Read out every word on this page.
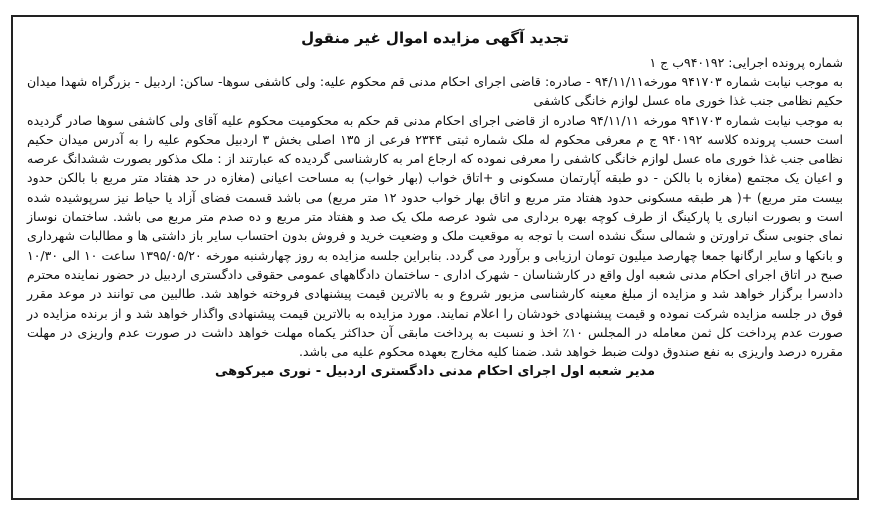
تجدید آگهی مزایده اموال غیر منقول
شماره پرونده اجرایی: ۹۴۰۱۹۲ب ج ۱

به موجب نیابت شماره ۹۴۱۷۰۳ مورخه۹۴/۱۱/۱۱ - صادره: قاضی اجرای احکام مدنی قم محکوم علیه: ولی کاشفی سوها- ساکن: اردبیل - بزرگراه شهدا میدان حکیم نظامی جنب غذا خوری ماه عسل لوازم خانگی کاشفی

به موجب نیابت شماره ۹۴۱۷۰۳ مورخه ۹۴/۱۱/۱۱ صادره از قاضی اجرای احکام مدنی قم حکم به محکومیت محکوم علیه آقای ولی کاشفی سوها صادر گردیده است حسب پرونده کلاسه ۹۴۰۱۹۲ ج م معرفی محکوم له ملک شماره ثبتی ۲۳۴۴ فرعی از ۱۳۵ اصلی بخش ۳ اردبیل محکوم علیه را به آدرس میدان حکیم نظامی جنب غذا خوری ماه عسل لوازم خانگی کاشفی را معرفی نموده که ارجاع امر به کارشناسی گردیده که عبارتند از : ملک مذکور بصورت ششدانگ عرصه و اعیان یک مجتمع (مغازه با بالکن - دو طبقه آپارتمان مسکونی و +اتاق خواب (بهار خواب) به مساحت اعیانی (مغازه در حد هفتاد متر مربع با بالکن حدود بیست متر مربع) +( هر طبقه مسکونی حدود هفتاد متر مربع و اتاق بهار خواب حدود ۱۲ متر مربع) می باشد قسمت فضای آزاد یا حیاط نیز سرپوشیده شده است و بصورت انباری یا پارکینگ از طرف کوچه بهره برداری می شود عرصه ملک یک صد و هفتاد متر مربع و ده صدم متر مربع می باشد. ساختمان نوساز نمای جنوبی سنگ تراورتن و شمالی سنگ نشده است با توجه به موقعیت ملک و وضعیت خرید و فروش بدون احتساب سایر باز داشتی ها و مطالبات شهرداری و بانکها و سایر ارگانها جمعا چهارصد میلیون تومان ارزیابی و برآورد می گردد. بنابراین جلسه مزایده به روز چهارشنبه مورخه ۱۳۹۵/۰۵/۲۰ ساعت ۱۰ الی ۱۰/۳۰ صبح در اتاق اجرای احکام مدنی شعبه اول واقع در کارشناسان - شهرک اداری - ساختمان دادگاههای عمومی حقوقی دادگستری اردبیل در حضور نماینده محترم دادسرا برگزار خواهد شد و مزایده از مبلغ معینه کارشناسی مزبور شروع و به بالاترین قیمت پیشنهادی فروخته خواهد شد. طالبین می توانند در موعد مقرر فوق در جلسه مزایده شرکت نموده و قیمت پیشنهادی خودشان را اعلام نمایند. مورد مزایده به بالاترین قیمت پیشنهادی واگذار خواهد شد و از برنده مزایده در صورت عدم پرداخت کل ثمن معامله در المجلس ۱۰٪ اخذ و نسبت به پرداخت مابقی آن حداکثر یکماه مهلت خواهد داشت در صورت عدم واریزی در مهلت مقرره درصد واریزی به نفع صندوق دولت ضبط خواهد شد. ضمنا کلیه مخارج بعهده محکوم علیه می باشد.

مدیر شعبه اول اجرای احکام مدنی دادگستری اردبیل - نوری میرکوهی
